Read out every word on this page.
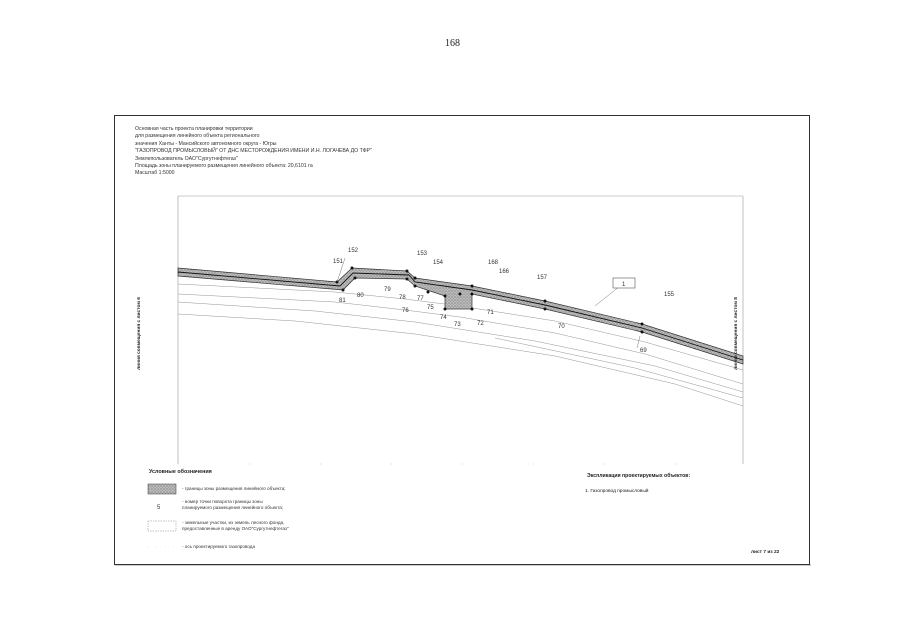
168
151
152	153
154	168
166
157
155
81
80
79
78 77
76	75
74
73	72
71
70
69
1
5
Основная часть проекта планировки территории
для размещения линейного объекта регионального
значения Ханты - Мансийского автономного округа - Югры
"ГАЗОПРОВОД ПРОМЫСЛОВЫЙ" ОТ ДНС МЕСТОРОЖДЕНИЯ ИМЕНИ И.Н. ЛОГАЧЕВА ДО ТФР"
Землепользователь ОАО"Сургутнефтегаз"
Площадь зоны планируемого размещения линейного объекта: 20,6101 га
Масштаб 1:5000
линия совмещения с листом 6	линия совмещения с листом 8
Условные обозначения
- границы зоны размещения линейного объекта;
- номер точки поворота границы зоны
планируемого размещения линейного объекта;
- земельные участки, из земель лесного фонда,
предоставленные в аренду ОАО"Сургутнефтегаз"
- ось проектируемого газопровода
Экспликация проектируемых объектов:
1. Газопровод промысловый
лист 7 из 22
